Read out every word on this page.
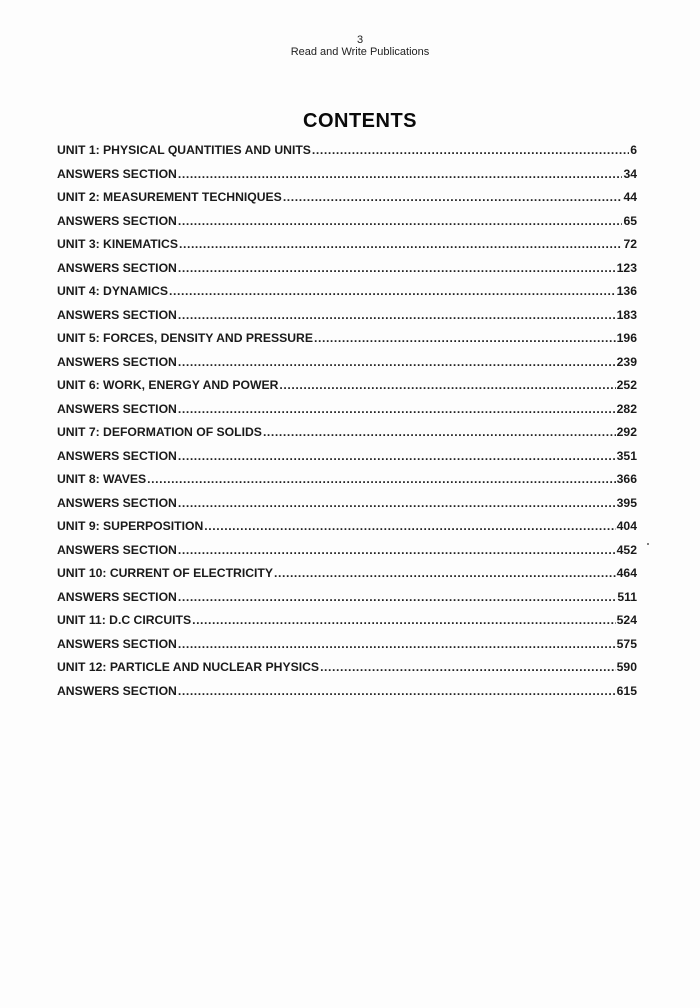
3
Read and Write Publications
CONTENTS
UNIT 1: PHYSICAL QUANTITIES AND UNITS .....	6
ANSWERS SECTION .....	34
UNIT 2: MEASUREMENT TECHNIQUES .....	44
ANSWERS SECTION .....	65
UNIT 3: KINEMATICS .....	72
ANSWERS SECTION .....	123
UNIT 4: DYNAMICS .....	136
ANSWERS SECTION .....	183
UNIT 5: FORCES, DENSITY AND PRESSURE .....	196
ANSWERS SECTION .....	239
UNIT 6: WORK, ENERGY AND POWER .....	252
ANSWERS SECTION .....	282
UNIT 7: DEFORMATION OF SOLIDS .....	292
ANSWERS SECTION .....	351
UNIT 8: WAVES .....	366
ANSWERS SECTION .....	395
UNIT 9: SUPERPOSITION .....	404
ANSWERS SECTION .....	452
UNIT 10: CURRENT OF ELECTRICITY .....	464
ANSWERS SECTION .....	511
UNIT 11: D.C CIRCUITS .....	524
ANSWERS SECTION .....	575
UNIT 12: PARTICLE AND NUCLEAR PHYSICS .....	590
ANSWERS SECTION .....	615
